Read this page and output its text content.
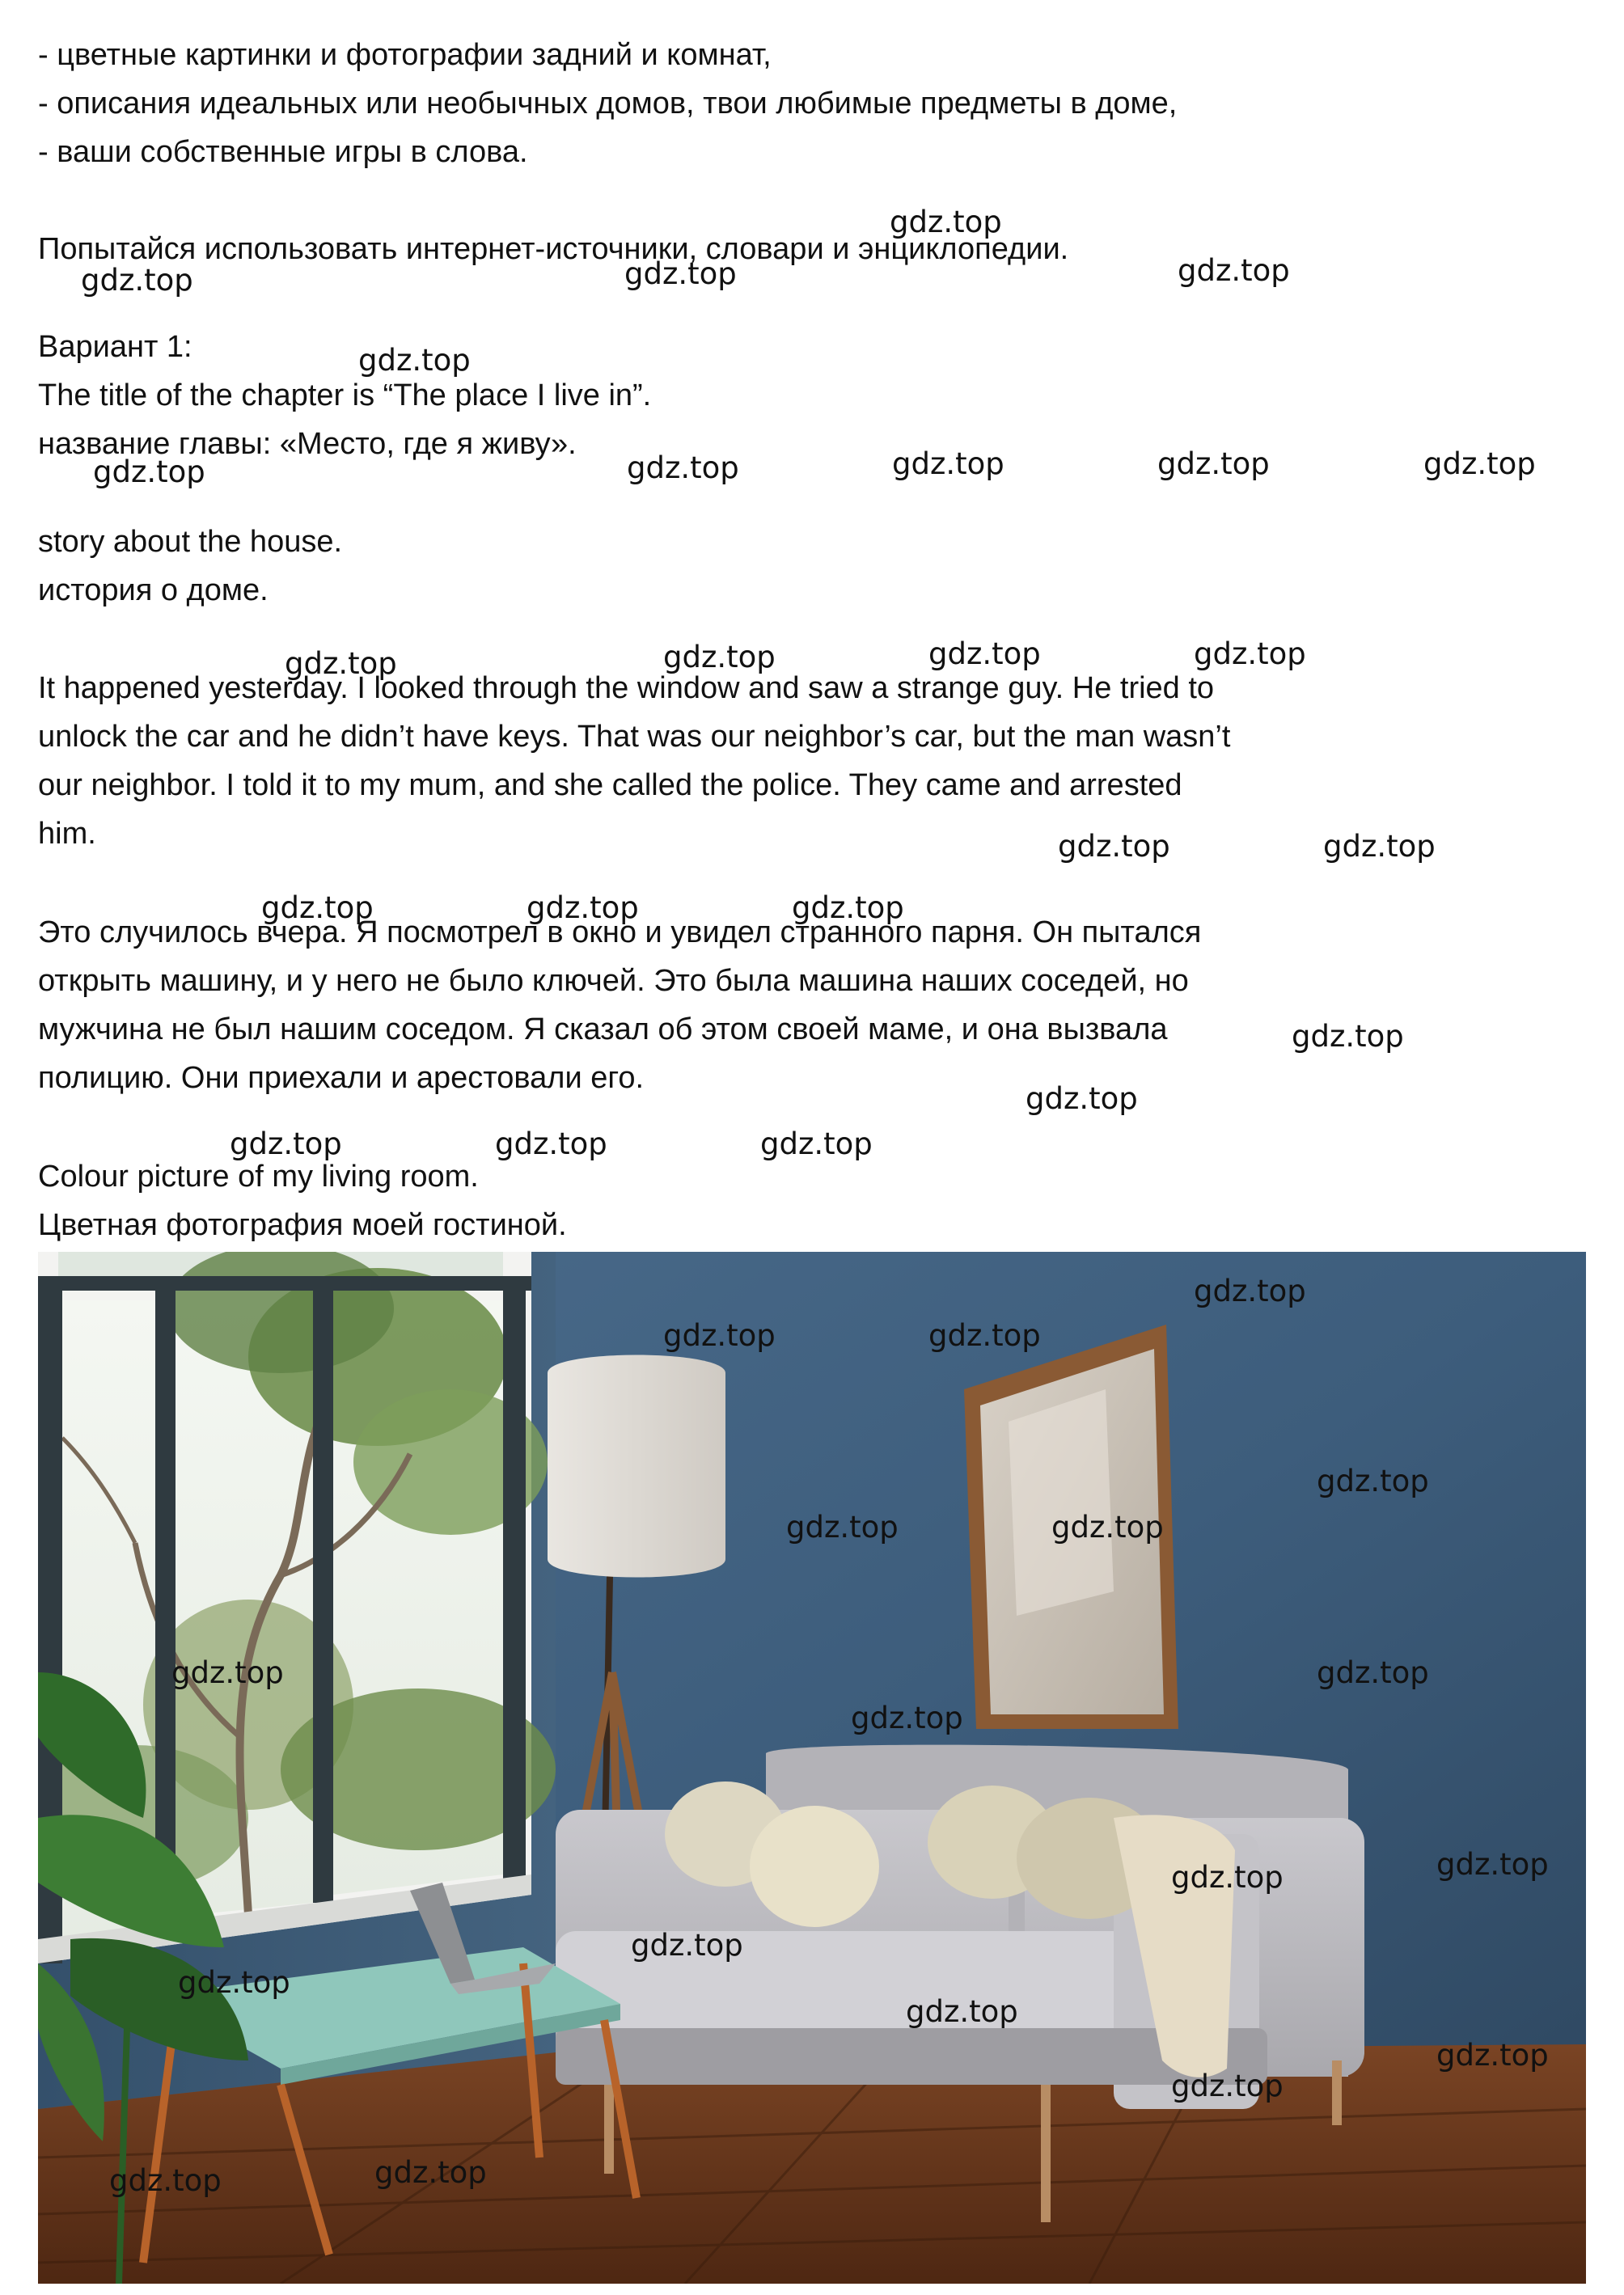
- цветные картинки и фотографии задний и комнат,
- описания идеальных или необычных домов, твои любимые предметы в доме,
- ваши собственные игры в слова.
Попытайся использовать интернет-источники, словари и энциклопедии.
Вариант 1:
The title of the chapter is “The place I live in”.
название главы: «Место, где я живу».
story about the house.
история о доме.
It happened yesterday. I looked through the window and saw a strange guy. He tried to
unlock the car and he didn’t have keys. That was our neighbor’s car, but the man wasn’t
our neighbor. I told it to my mum, and she called the police. They came and arrested
him.
Это случилось вчера. Я посмотрел в окно и увидел странного парня. Он пытался
открыть машину, и у него не было ключей. Это была машина наших соседей, но
мужчина не был нашим соседом. Я сказал об этом своей маме, и она вызвала
полицию. Они приехали и арестовали его.
Colour picture of my living room.
Цветная фотография моей гостиной.
gdz.top
gdz.top	gdz.top	gdz.top
gdz.top
gdz.top	gdz.top	gdz.top	gdz.top	gdz.top
gdz.top	gdz.top	gdz.top	gdz.top
gdz.top	gdz.top
gdz.top	gdz.top	gdz.top
gdz.top
gdz.top
gdz.top	gdz.top	gdz.top
gdz.top
gdz.top	gdz.top
gdz.top
gdz.top	gdz.top
gdz.top	gdz.top
gdz.top
gdz.top
gdz.top
gdz.top
gdz.top
gdz.top
gdz.top
gdz.top
gdz.top
gdz.top
